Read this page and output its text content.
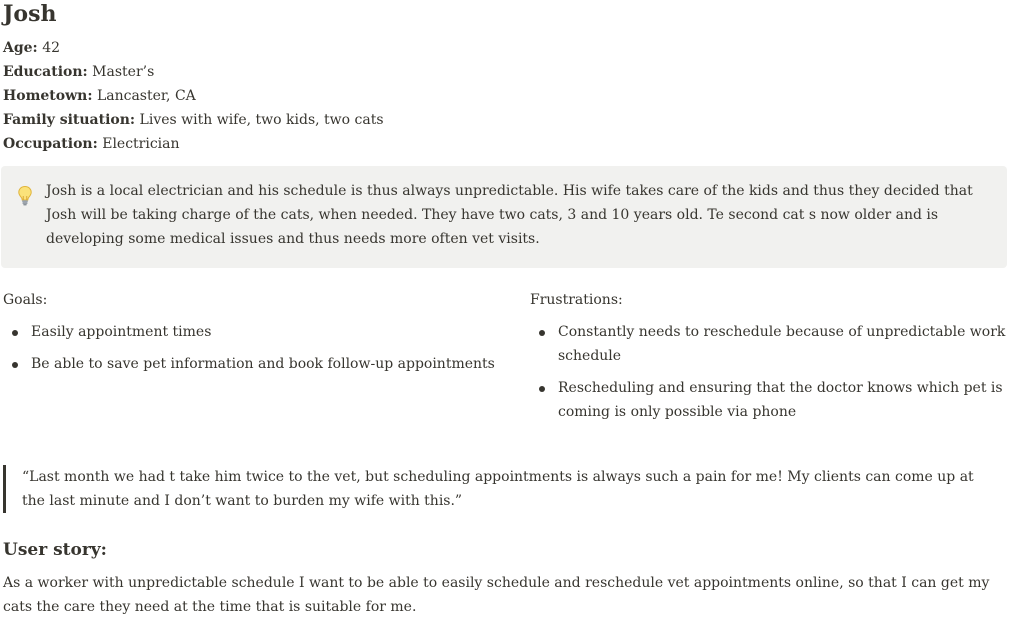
Josh
Age: 42
Education: Master’s
Hometown: Lancaster, CA
Family situation: Lives with wife, two kids, two cats
Occupation: Electrician
Josh is a local electrician and his schedule is thus always unpredictable. His wife takes care of the kids and thus they decided that Josh will be taking charge of the cats, when needed. They have two cats, 3 and 10 years old. Te second cat s now older and is developing some medical issues and thus needs more often vet visits.
Goals:
Easily appointment times
Be able to save pet information and book follow-up appointments
Frustrations:
Constantly needs to reschedule because of unpredictable work schedule
Rescheduling and ensuring that the doctor knows which pet is coming is only possible via phone
“Last month we had t take him twice to the vet, but scheduling appointments is always such a pain for me! My clients can come up at the last minute and I don’t want to burden my wife with this.”
User story:
As a worker with unpredictable schedule I want to be able to easily schedule and reschedule vet appointments online, so that I can get my cats the care they need at the time that is suitable for me.
